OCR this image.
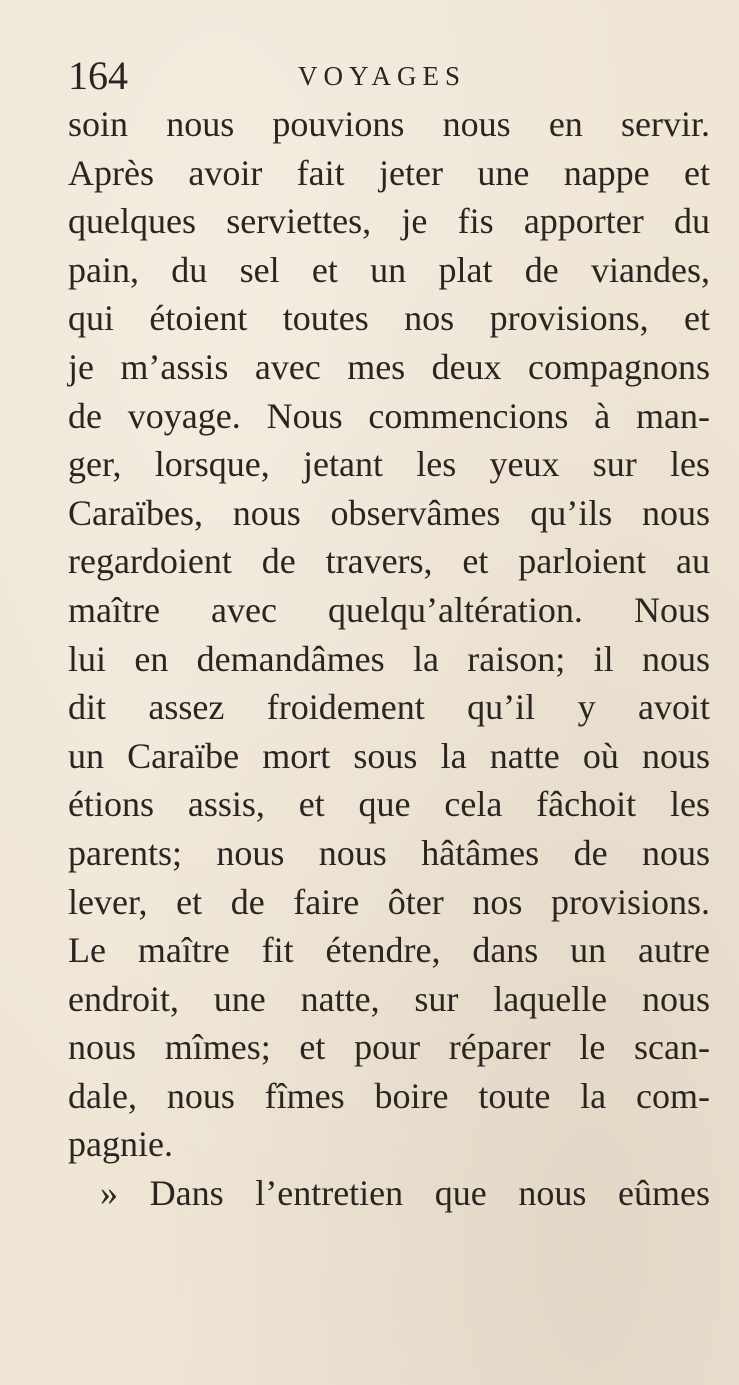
164	VOYAGES
soin nous pouvions nous en servir.
Après avoir fait jeter une nappe et
quelques serviettes, je fis apporter du
pain, du sel et un plat de viandes,
qui étoient toutes nos provisions, et
je m’assis avec mes deux compagnons
de voyage. Nous commencions à man-
ger, lorsque, jetant les yeux sur les
Caraïbes, nous observâmes qu’ils nous
regardoient de travers, et parloient au
maître avec quelqu’altération. Nous
lui en demandâmes la raison; il nous
dit assez froidement qu’il y avoit
un Caraïbe mort sous la natte où nous
étions assis, et que cela fâchoit les
parents; nous nous hâtâmes de nous
lever, et de faire ôter nos provisions.
Le maître fit étendre, dans un autre
endroit, une natte, sur laquelle nous
nous mîmes; et pour réparer le scan-
dale, nous fîmes boire toute la com-
pagnie.
» Dans l’entretien que nous eûmes
